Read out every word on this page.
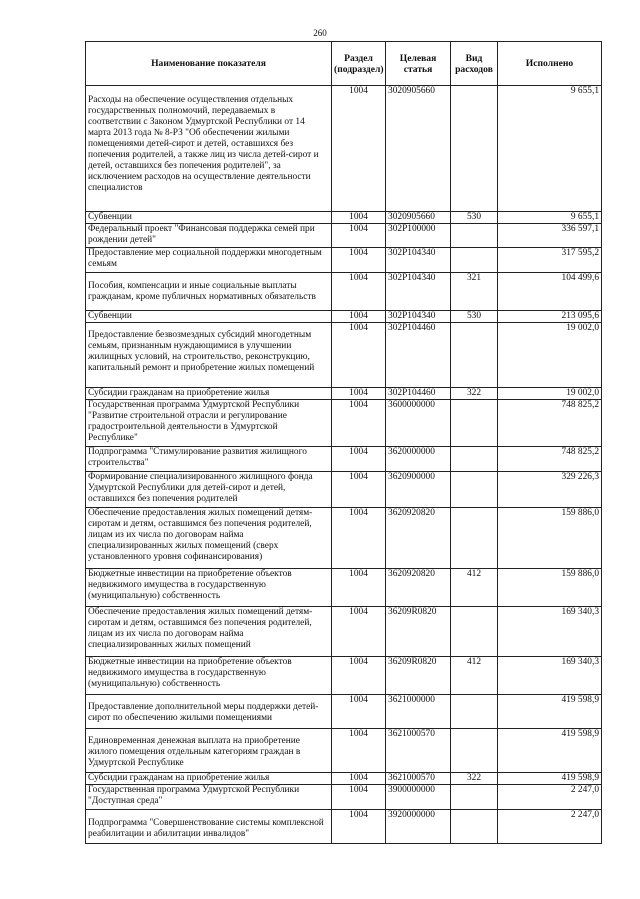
260
Наименование показателя	Раздел (подраздел)	Целевая статья	Вид расходов	Исполнено
Расходы на обеспечение осуществления отдельных государственных полномочий, передаваемых в соответствии с Законом Удмуртской Республики от 14 марта 2013 года № 8-РЗ "Об обеспечении жилыми помещениями детей-сирот и детей, оставшихся без попечения родителей, а также лиц из числа детей-сирот и детей, оставшихся без попечения родителей", за исключением расходов на осуществление деятельности специалистов	1004	3020905660		9 655,1
Субвенции	1004	3020905660	530	9 655,1
Федеральный проект "Финансовая поддержка семей при рождении детей"	1004	302P100000		336 597,1
Предоставление мер социальной поддержки многодетным семьям	1004	302P104340		317 595,2
Пособия, компенсации и иные социальные выплаты гражданам, кроме публичных нормативных обязательств	1004	302P104340	321	104 499,6
Субвенции	1004	302P104340	530	213 095,6
Предоставление безвозмездных субсидий многодетным семьям, признанным нуждающимися в улучшении жилищных условий, на строительство, реконструкцию, капитальный ремонт и приобретение жилых помещений	1004	302P104460		19 002,0
Субсидии гражданам на приобретение жилья	1004	302P104460	322	19 002,0
Государственная программа Удмуртской Республики "Развитие строительной отрасли и регулирование градостроительной деятельности в Удмуртской Республике"	1004	3600000000		748 825,2
Подпрограмма "Стимулирование развития жилищного строительства"	1004	3620000000		748 825,2
Формирование специализированного жилищного фонда Удмуртской Республики для детей-сирот и детей, оставшихся без попечения родителей	1004	3620900000		329 226,3
Обеспечение предоставления жилых помещений детям-сиротам и детям, оставшимся без попечения родителей, лицам из их числа по договорам найма специализированных жилых помещений (сверх установленного уровня софинансирования)	1004	3620920820		159 886,0
Бюджетные инвестиции на приобретение объектов недвижимого имущества в государственную (муниципальную) собственность	1004	3620920820	412	159 886,0
Обеспечение предоставления жилых помещений детям-сиротам и детям, оставшимся без попечения родителей, лицам из их числа по договорам найма специализированных жилых помещений	1004	36209R0820		169 340,3
Бюджетные инвестиции на приобретение объектов недвижимого имущества в государственную (муниципальную) собственность	1004	36209R0820	412	169 340,3
Предоставление дополнительной меры поддержки детей-сирот по обеспечению жилыми помещениями	1004	3621000000		419 598,9
Единовременная денежная выплата на приобретение жилого помещения отдельным категориям граждан в Удмуртской Республике	1004	3621000570		419 598,9
Субсидии гражданам на приобретение жилья	1004	3621000570	322	419 598,9
Государственная программа Удмуртской Республики "Доступная среда"	1004	3900000000		2 247,0
Подпрограмма "Совершенствование системы комплексной реабилитации и абилитации инвалидов"	1004	3920000000		2 247,0
